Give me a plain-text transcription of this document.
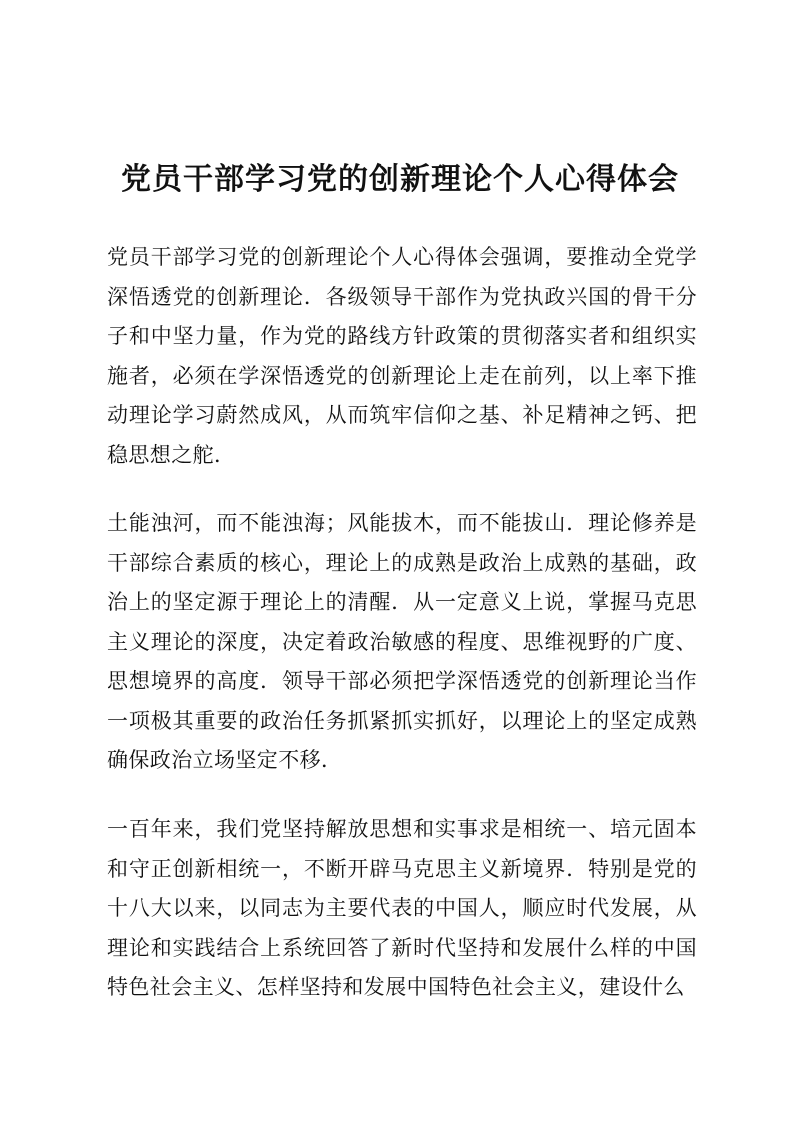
党员干部学习党的创新理论个人心得体会

党员干部学习党的创新理论个人心得体会强调，要推动全党学深悟透党的创新理论．各级领导干部作为党执政兴国的骨干分子和中坚力量，作为党的路线方针政策的贯彻落实者和组织实施者，必须在学深悟透党的创新理论上走在前列，以上率下推动理论学习蔚然成风，从而筑牢信仰之基、补足精神之钙、把稳思想之舵．

土能浊河，而不能浊海；风能拔木，而不能拔山．理论修养是干部综合素质的核心，理论上的成熟是政治上成熟的基础，政治上的坚定源于理论上的清醒．从一定意义上说，掌握马克思主义理论的深度，决定着政治敏感的程度、思维视野的广度、思想境界的高度．领导干部必须把学深悟透党的创新理论当作一项极其重要的政治任务抓紧抓实抓好，以理论上的坚定成熟确保政治立场坚定不移．

一百年来，我们党坚持解放思想和实事求是相统一、培元固本和守正创新相统一，不断开辟马克思主义新境界．特别是党的十八大以来，以同志为主要代表的中国人，顺应时代发展，从理论和实践结合上系统回答了新时代坚持和发展什么样的中国特色社会主义、怎样坚持和发展中国特色社会主义，建设什么
